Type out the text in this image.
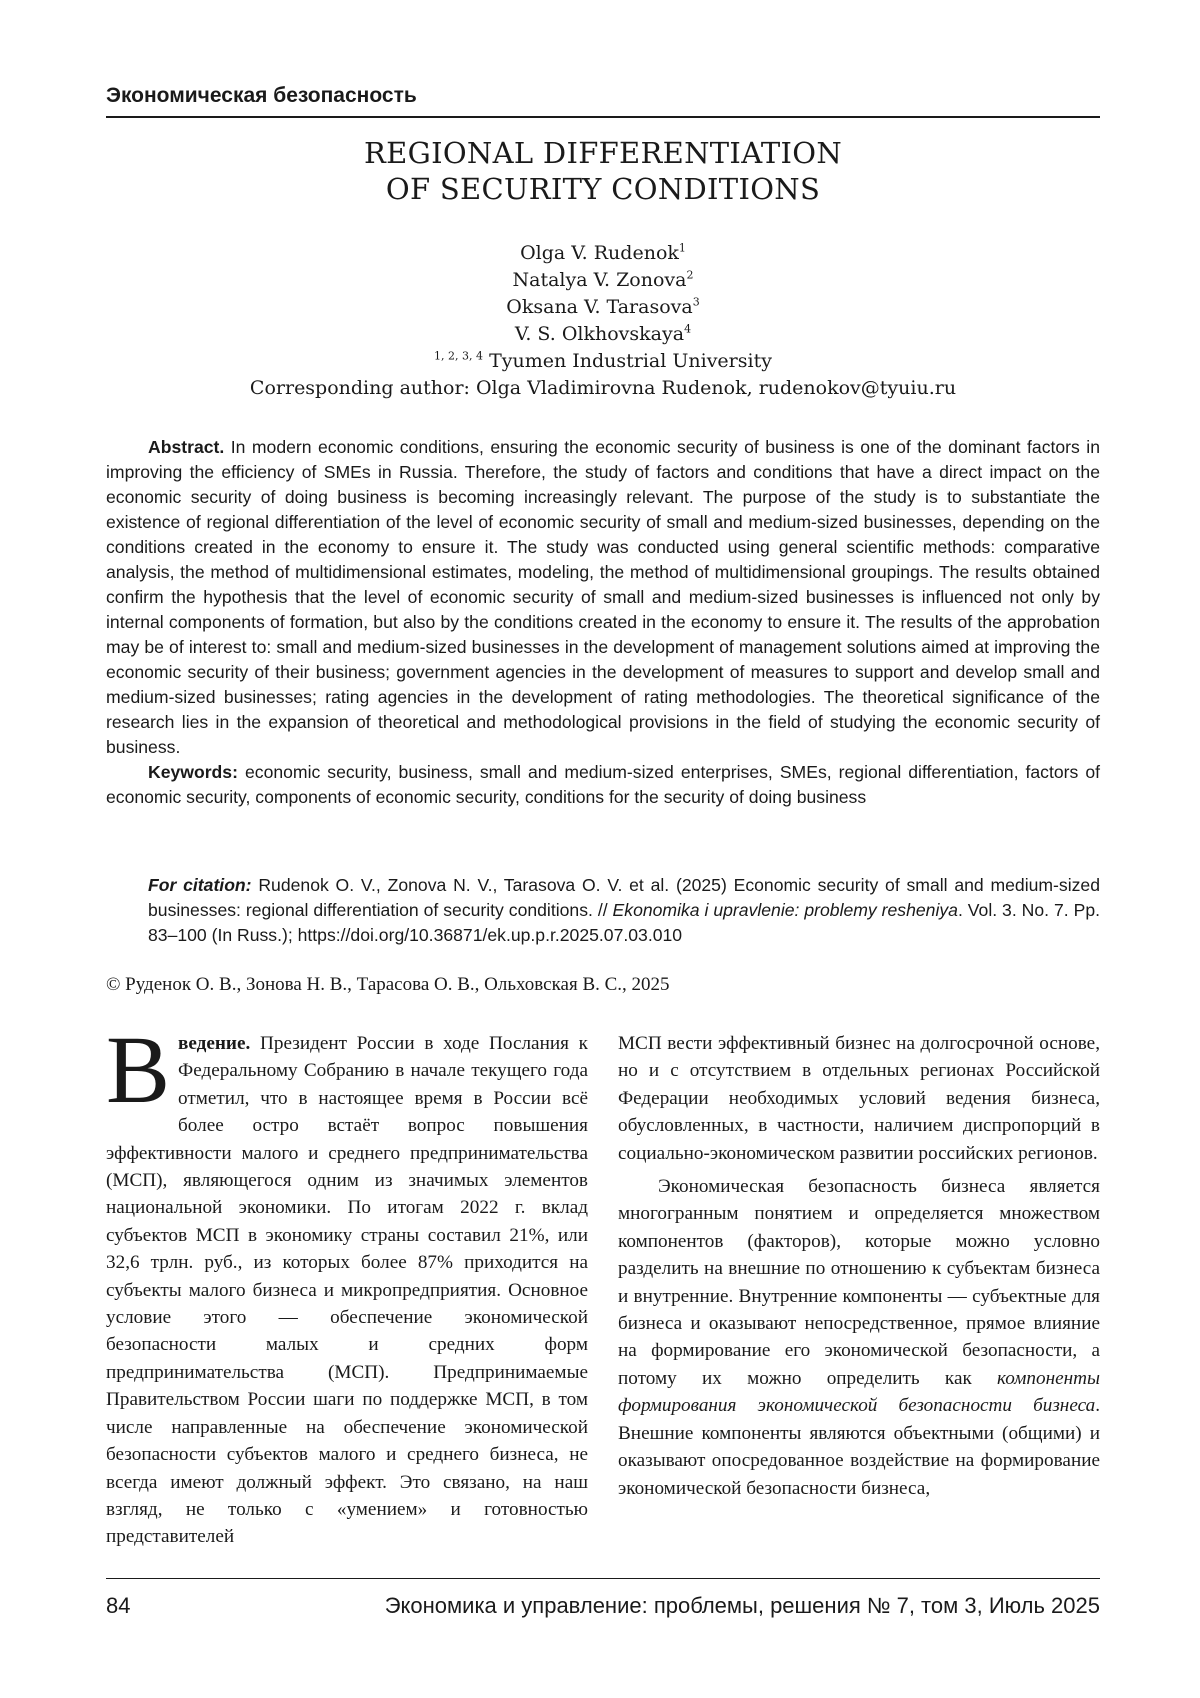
Экономическая безопасность
REGIONAL DIFFERENTIATION
OF SECURITY CONDITIONS
Olga V. Rudenok$^1$
Natalya V. Zonova$^2$
Oksana V. Tarasova$^3$
V. S. Olkhovskaya$^4$
$^{1, 2, 3, 4}$ Tyumen Industrial University
Corresponding author: Olga Vladimirovna Rudenok, rudenokov@tyuiu.ru

Abstract. In modern economic conditions, ensuring the economic security of business is one of the dominant factors in improving the efficiency of SMEs in Russia. Therefore, the study of factors and conditions that have a direct impact on the economic security of doing business is becoming increasingly relevant. The purpose of the study is to substantiate the existence of regional differentiation of the level of economic security of small and medium-sized businesses, depending on the conditions created in the economy to ensure it. The study was conducted using general scientific methods: comparative analysis, the method of multidimensional estimates, modeling, the method of multidimensional groupings. The results obtained confirm the hypothesis that the level of economic security of small and medium-sized businesses is influenced not only by internal components of formation, but also by the conditions created in the economy to ensure it. The results of the approbation may be of interest to: small and medium-sized businesses in the development of management solutions aimed at improving the economic security of their business; government agencies in the development of measures to support and develop small and medium-sized businesses; rating agencies in the development of rating methodologies. The theoretical significance of the research lies in the expansion of theoretical and methodological provisions in the field of studying the economic security of business.

Keywords: economic security, business, small and medium-sized enterprises, SMEs, regional differentiation, factors of economic security, components of economic security, conditions for the security of doing business

For citation: Rudenok O. V., Zonova N. V., Tarasova O. V. et al. (2025) Economic security of small and medium-sized businesses: regional differentiation of security conditions. // Ekonomika i upravlenie: problemy resheniya. Vol. 3. No. 7. Pp. 83–100 (In Russ.); https://doi.org/10.36871/ek.up.p.r.2025.07.03.010
© Руденок О. В., Зонова Н. В., Тарасова О. В., Ольховская В. С., 2025

Введение. Президент России в ходе Послания к Федеральному Собранию в начале текущего года отметил, что в настоящее время в России всё более остро встаёт вопрос повышения эффективности малого и среднего предпринимательства (МСП), являющегося одним из значимых элементов национальной экономики. По итогам 2022 г. вклад субъектов МСП в экономику страны составил 21%, или 32,6 трлн. руб., из которых более 87% приходится на субъекты малого бизнеса и микропредприятия. Основное условие этого — обеспечение экономической безопасности малых и средних форм предпринимательства (МСП). Предпринимаемые Правительством России шаги по поддержке МСП, в том числе направленные на обеспечение экономической безопасности субъектов малого и среднего бизнеса, не всегда имеют должный эффект. Это связано, на наш взгляд, не только с «умением» и готовностью представителей

МСП вести эффективный бизнес на долгосрочной основе, но и с отсутствием в отдельных регионах Российской Федерации необходимых условий ведения бизнеса, обусловленных, в частности, наличием диспропорций в социально-экономическом развитии российских регионов.

Экономическая безопасность бизнеса является многогранным понятием и определяется множеством компонентов (факторов), которые можно условно разделить на внешние по отношению к субъектам бизнеса и внутренние. Внутренние компоненты — субъектные для бизнеса и оказывают непосредственное, прямое влияние на формирование его экономической безопасности, а потому их можно определить как компоненты формирования экономической безопасности бизнеса. Внешние компоненты являются объектными (общими) и оказывают опосредованное воздействие на формирование экономической безопасности бизнеса,

84	Экономика и управление: проблемы, решения № 7, том 3, Июль 2025
